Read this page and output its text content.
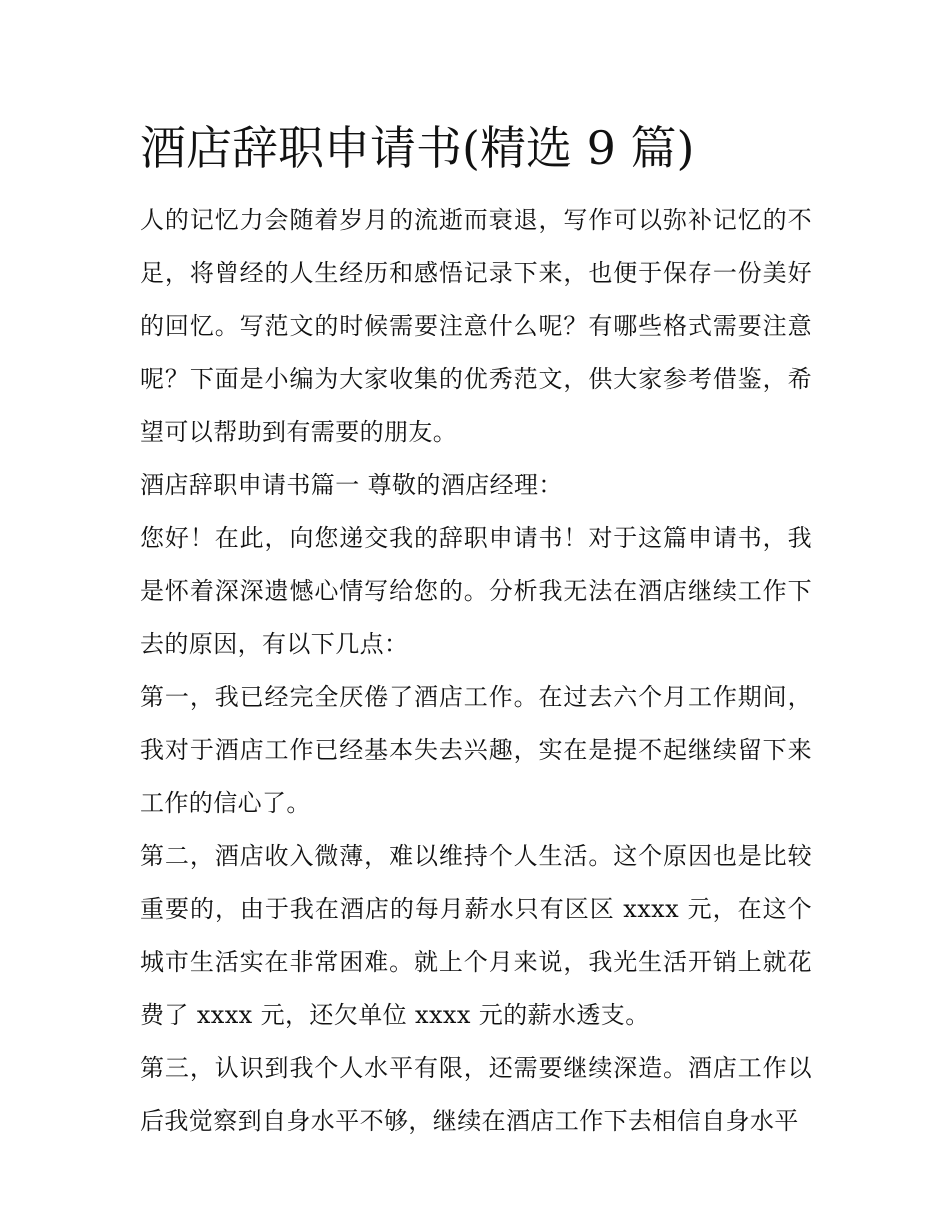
酒店辞职申请书(精选 9 篇)

人的记忆力会随着岁月的流逝而衰退，写作可以弥补记忆的不足，将曾经的人生经历和感悟记录下来，也便于保存一份美好的回忆。写范文的时候需要注意什么呢？有哪些格式需要注意呢？下面是小编为大家收集的优秀范文，供大家参考借鉴，希望可以帮助到有需要的朋友。

酒店辞职申请书篇一 尊敬的酒店经理：

您好！在此，向您递交我的辞职申请书！对于这篇申请书，我是怀着深深遗憾心情写给您的。分析我无法在酒店继续工作下去的原因，有以下几点：

第一，我已经完全厌倦了酒店工作。在过去六个月工作期间，我对于酒店工作已经基本失去兴趣，实在是提不起继续留下来工作的信心了。

第二，酒店收入微薄，难以维持个人生活。这个原因也是比较重要的，由于我在酒店的每月薪水只有区区 xxxx 元，在这个城市生活实在非常困难。就上个月来说，我光生活开销上就花费了 xxxx 元，还欠单位 xxxx 元的薪水透支。

第三，认识到我个人水平有限，还需要继续深造。酒店工作以后我觉察到自身水平不够，继续在酒店工作下去相信自身水平
